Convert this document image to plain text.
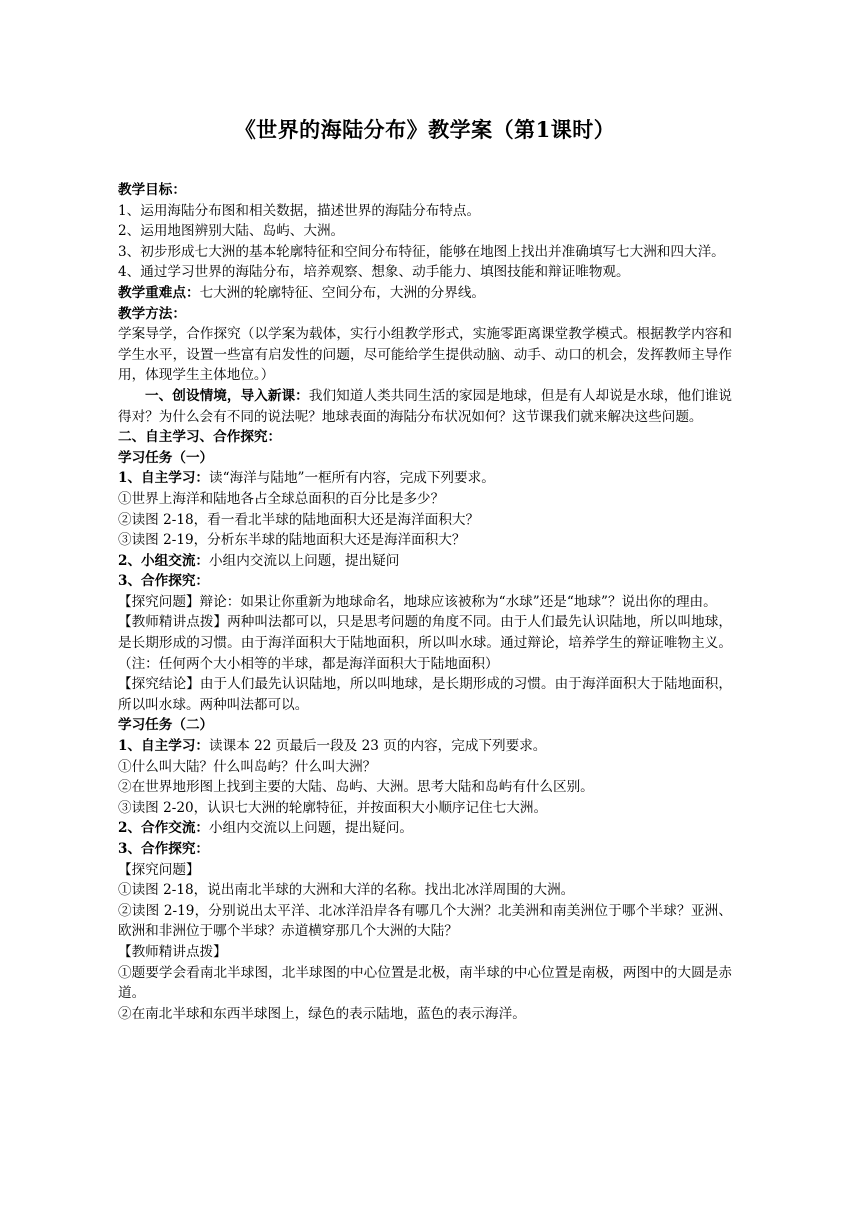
《世界的海陆分布》教学案（第1课时）

教学目标：

1、运用海陆分布图和相关数据，描述世界的海陆分布特点。

2、运用地图辨别大陆、岛屿、大洲。

3、初步形成七大洲的基本轮廓特征和空间分布特征，能够在地图上找出并准确填写七大洲和四大洋。

4、通过学习世界的海陆分布，培养观察、想象、动手能力、填图技能和辩证唯物观。

教学重难点：七大洲的轮廓特征、空间分布，大洲的分界线。

教学方法：

学案导学，合作探究（以学案为载体，实行小组教学形式，实施零距离课堂教学模式。根据教学内容和学生水平，设置一些富有启发性的问题，尽可能给学生提供动脑、动手、动口的机会，发挥教师主导作用，体现学生主体地位。）

一、创设情境，导入新课：我们知道人类共同生活的家园是地球，但是有人却说是水球，他们谁说得对？为什么会有不同的说法呢？地球表面的海陆分布状况如何？这节课我们就来解决这些问题。

二、自主学习、合作探究：

学习任务（一）

1、自主学习：读“海洋与陆地”一框所有内容，完成下列要求。

①世界上海洋和陆地各占全球总面积的百分比是多少？

②读图 2-18，看一看北半球的陆地面积大还是海洋面积大？

③读图 2-19，分析东半球的陆地面积大还是海洋面积大？

2、小组交流：小组内交流以上问题，提出疑问

3、合作探究：

【探究问题】辩论：如果让你重新为地球命名，地球应该被称为“水球”还是“地球”？说出你的理由。

【教师精讲点拨】两种叫法都可以，只是思考问题的角度不同。由于人们最先认识陆地，所以叫地球，是长期形成的习惯。由于海洋面积大于陆地面积，所以叫水球。通过辩论，培养学生的辩证唯物主义。（注：任何两个大小相等的半球，都是海洋面积大于陆地面积）

【探究结论】由于人们最先认识陆地，所以叫地球，是长期形成的习惯。由于海洋面积大于陆地面积，所以叫水球。两种叫法都可以。

学习任务（二）

1、自主学习：读课本 22 页最后一段及 23 页的内容，完成下列要求。

①什么叫大陆？什么叫岛屿？什么叫大洲？

②在世界地形图上找到主要的大陆、岛屿、大洲。思考大陆和岛屿有什么区别。

③读图 2-20，认识七大洲的轮廓特征，并按面积大小顺序记住七大洲。

2、合作交流：小组内交流以上问题，提出疑问。

3、合作探究：

【探究问题】

①读图 2-18，说出南北半球的大洲和大洋的名称。找出北冰洋周围的大洲。

②读图 2-19，分别说出太平洋、北冰洋沿岸各有哪几个大洲？北美洲和南美洲位于哪个半球？亚洲、欧洲和非洲位于哪个半球？赤道横穿那几个大洲的大陆？

【教师精讲点拨】

①题要学会看南北半球图，北半球图的中心位置是北极，南半球的中心位置是南极，两图中的大圆是赤道。

②在南北半球和东西半球图上，绿色的表示陆地，蓝色的表示海洋。
